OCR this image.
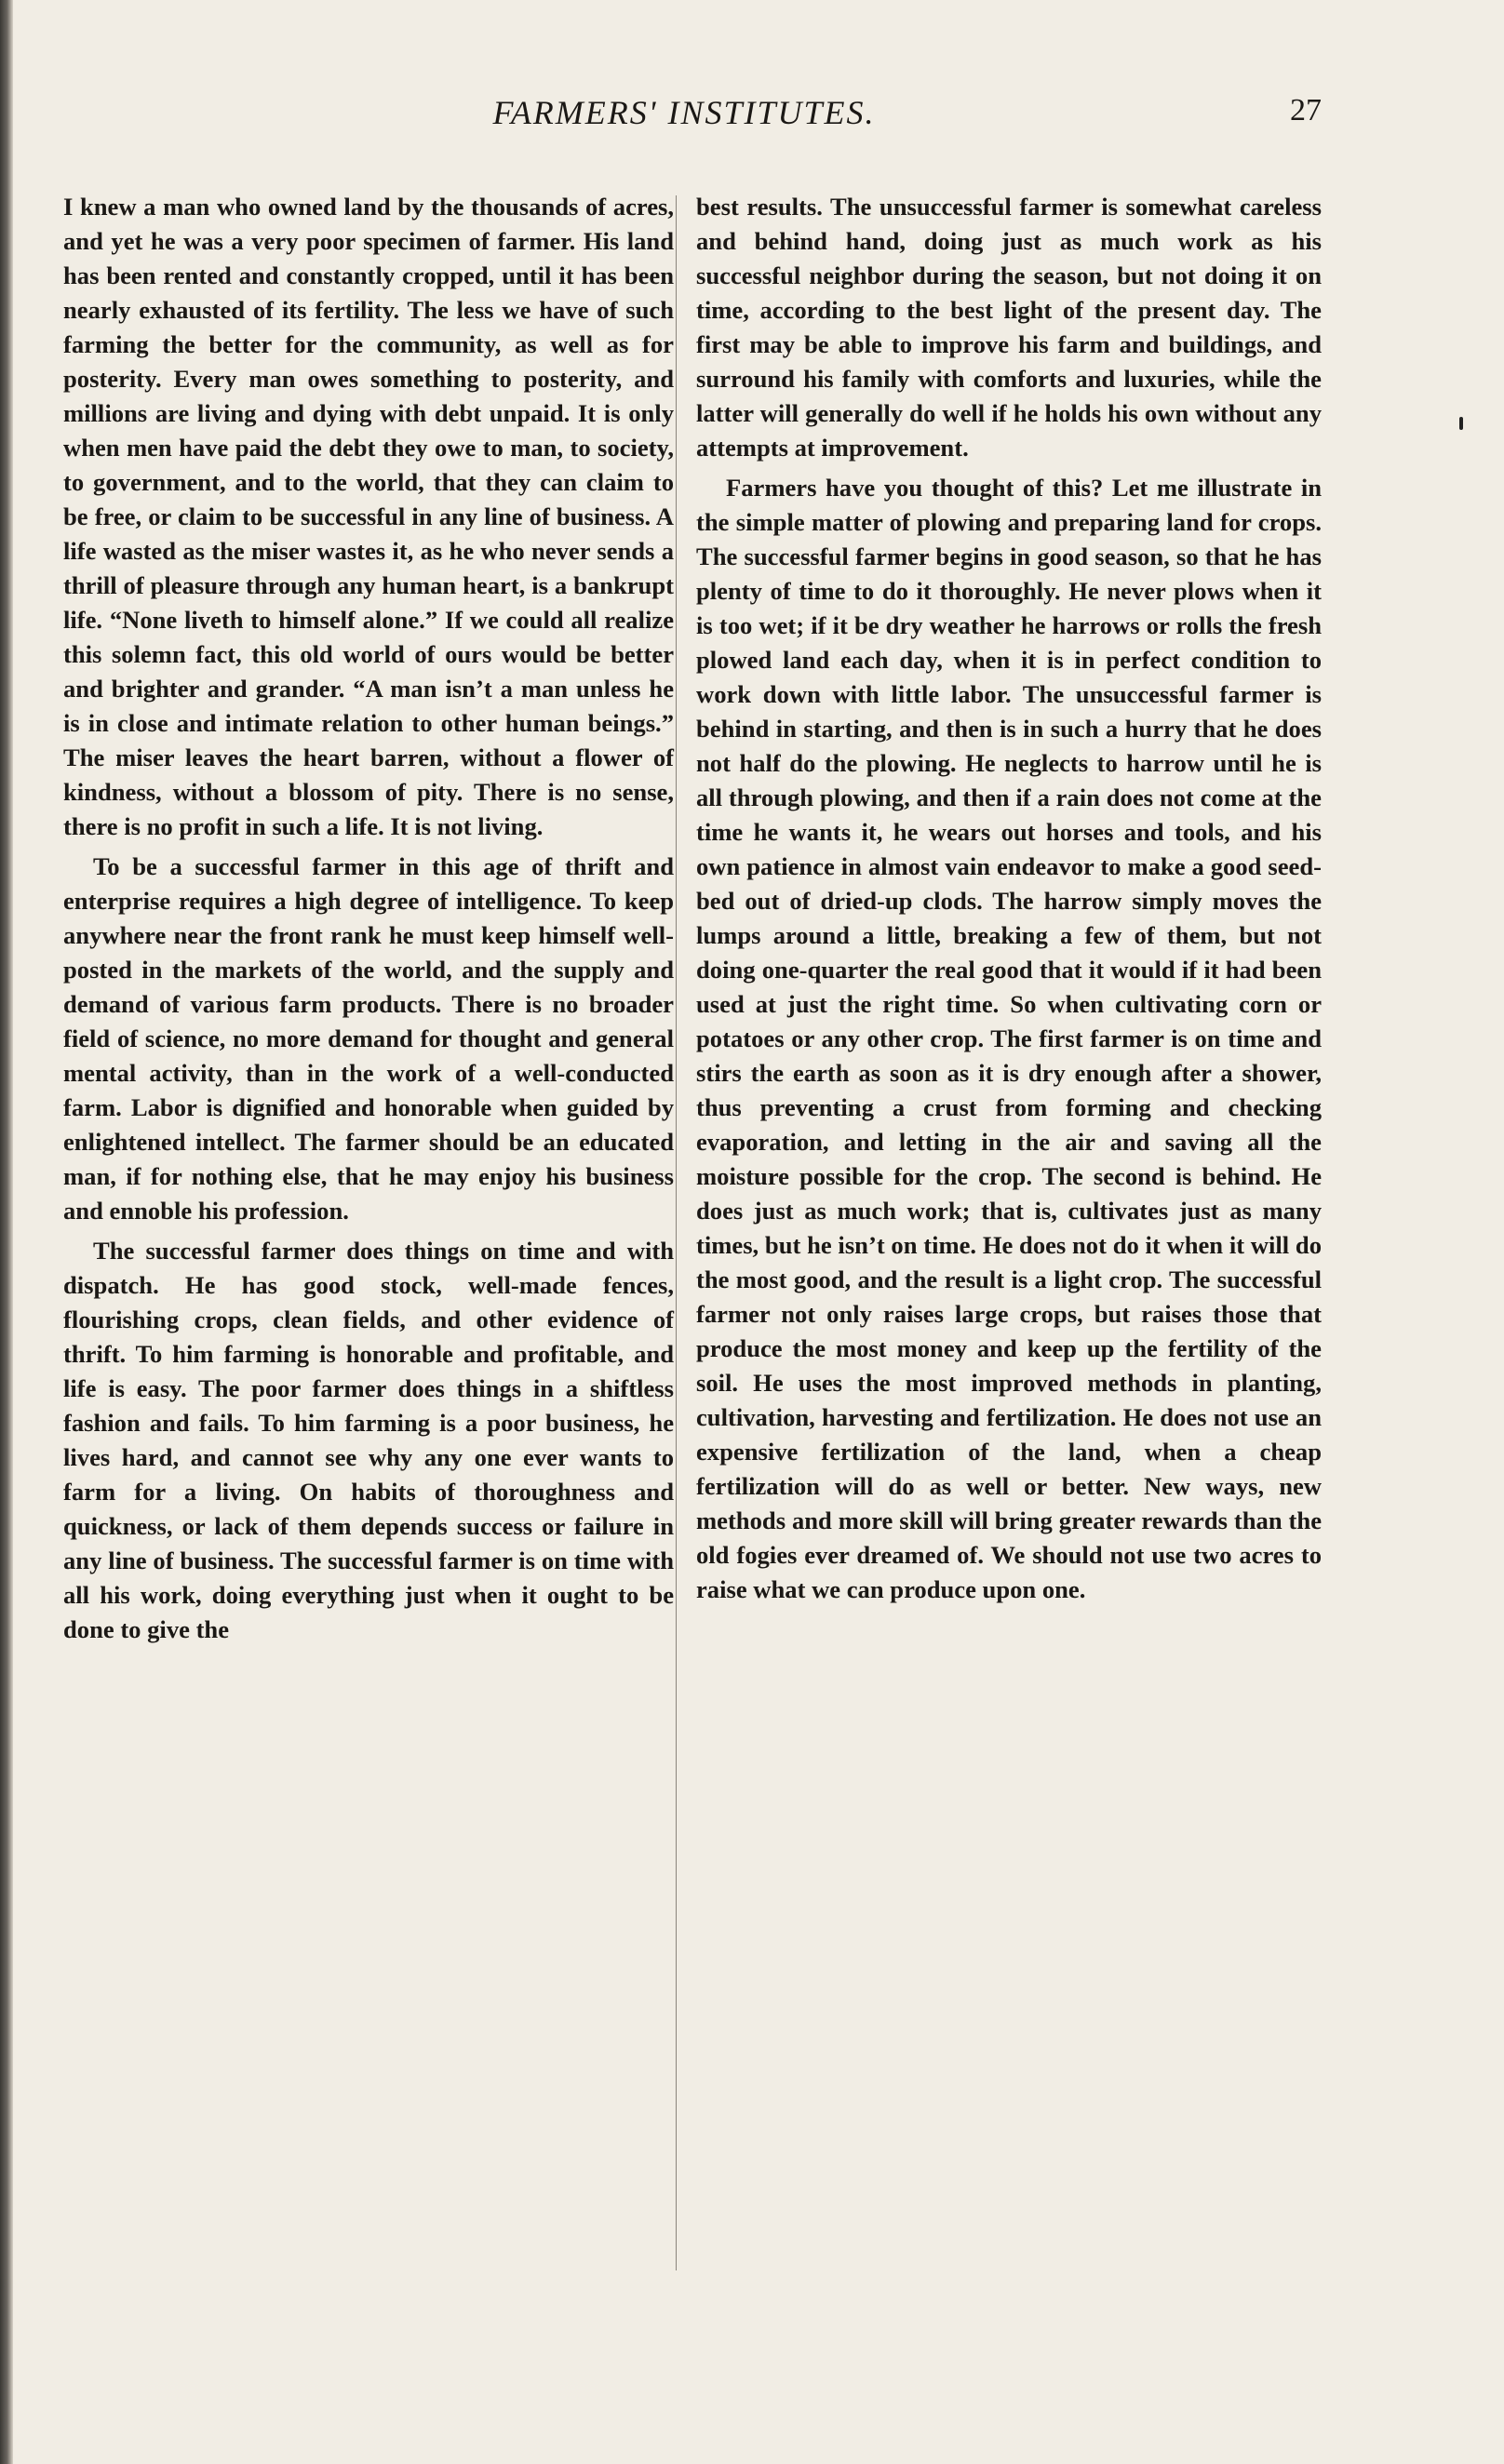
FARMERS' INSTITUTES.	27

I knew a man who owned land by the thousands of acres, and yet he was a very poor specimen of farmer. His land has been rented and constantly cropped, until it has been nearly exhausted of its fertility. The less we have of such farming the better for the community, as well as for posterity. Every man owes something to posterity, and millions are living and dying with debt unpaid. It is only when men have paid the debt they owe to man, to society, to government, and to the world, that they can claim to be free, or claim to be successful in any line of business. A life wasted as the miser wastes it, as he who never sends a thrill of pleasure through any human heart, is a bankrupt life. “None liveth to himself alone.” If we could all realize this solemn fact, this old world of ours would be better and brighter and grander. “A man isn’t a man unless he is in close and intimate relation to other human beings.” The miser leaves the heart barren, without a flower of kindness, without a blossom of pity. There is no sense, there is no profit in such a life. It is not living.

To be a successful farmer in this age of thrift and enterprise requires a high degree of intelligence. To keep anywhere near the front rank he must keep himself well-posted in the markets of the world, and the supply and demand of various farm products. There is no broader field of science, no more demand for thought and general mental activity, than in the work of a well-conducted farm. Labor is dignified and honorable when guided by enlightened intellect. The farmer should be an educated man, if for nothing else, that he may enjoy his business and ennoble his profession.

The successful farmer does things on time and with dispatch. He has good stock, well-made fences, flourishing crops, clean fields, and other evidence of thrift. To him farming is honorable and profitable, and life is easy. The poor farmer does things in a shiftless fashion and fails. To him farming is a poor business, he lives hard, and cannot see why any one ever wants to farm for a living. On habits of thoroughness and quickness, or lack of them depends success or failure in any line of business. The successful farmer is on time with all his work, doing everything just when it ought to be done to give the

best results. The unsuccessful farmer is somewhat careless and behind hand, doing just as much work as his successful neighbor during the season, but not doing it on time, according to the best light of the present day. The first may be able to improve his farm and buildings, and surround his family with comforts and luxuries, while the latter will generally do well if he holds his own without any attempts at improvement.

Farmers have you thought of this? Let me illustrate in the simple matter of plowing and preparing land for crops. The successful farmer begins in good season, so that he has plenty of time to do it thoroughly. He never plows when it is too wet; if it be dry weather he harrows or rolls the fresh plowed land each day, when it is in perfect condition to work down with little labor. The unsuccessful farmer is behind in starting, and then is in such a hurry that he does not half do the plowing. He neglects to harrow until he is all through plowing, and then if a rain does not come at the time he wants it, he wears out horses and tools, and his own patience in almost vain endeavor to make a good seed-bed out of dried-up clods. The harrow simply moves the lumps around a little, breaking a few of them, but not doing one-quarter the real good that it would if it had been used at just the right time. So when cultivating corn or potatoes or any other crop. The first farmer is on time and stirs the earth as soon as it is dry enough after a shower, thus preventing a crust from forming and checking evaporation, and letting in the air and saving all the moisture possible for the crop. The second is behind. He does just as much work; that is, cultivates just as many times, but he isn’t on time. He does not do it when it will do the most good, and the result is a light crop. The successful farmer not only raises large crops, but raises those that produce the most money and keep up the fertility of the soil. He uses the most improved methods in planting, cultivation, harvesting and fertilization. He does not use an expensive fertilization of the land, when a cheap fertilization will do as well or better. New ways, new methods and more skill will bring greater rewards than the old fogies ever dreamed of. We should not use two acres to raise what we can produce upon one.
